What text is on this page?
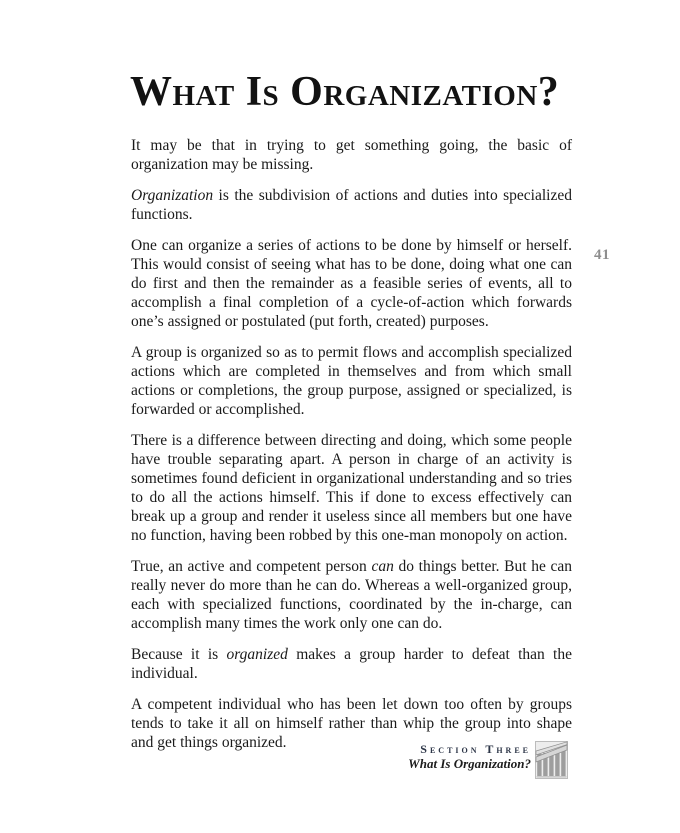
What Is Organization?
41

It may be that in trying to get something going, the basic of organization may be missing.

Organization is the subdivision of actions and duties into specialized functions.

One can organize a series of actions to be done by himself or herself. This would consist of seeing what has to be done, doing what one can do first and then the remainder as a feasible series of events, all to accomplish a final completion of a cycle-of-action which forwards one’s assigned or postulated (put forth, created) purposes.

A group is organized so as to permit flows and accomplish specialized actions which are completed in themselves and from which small actions or completions, the group purpose, assigned or specialized, is forwarded or accomplished.

There is a difference between directing and doing, which some people have trouble separating apart. A person in charge of an activity is sometimes found deficient in organizational understanding and so tries to do all the actions himself. This if done to excess effectively can break up a group and render it useless since all members but one have no function, having been robbed by this one-man monopoly on action.

True, an active and competent person can do things better. But he can really never do more than he can do. Whereas a well-organized group, each with specialized functions, coordinated by the in-charge, can accomplish many times the work only one can do.

Because it is organized makes a group harder to defeat than the individual.

A competent individual who has been let down too often by groups tends to take it all on himself rather than whip the group into shape and get things organized.	Section Three
What Is Organization?
